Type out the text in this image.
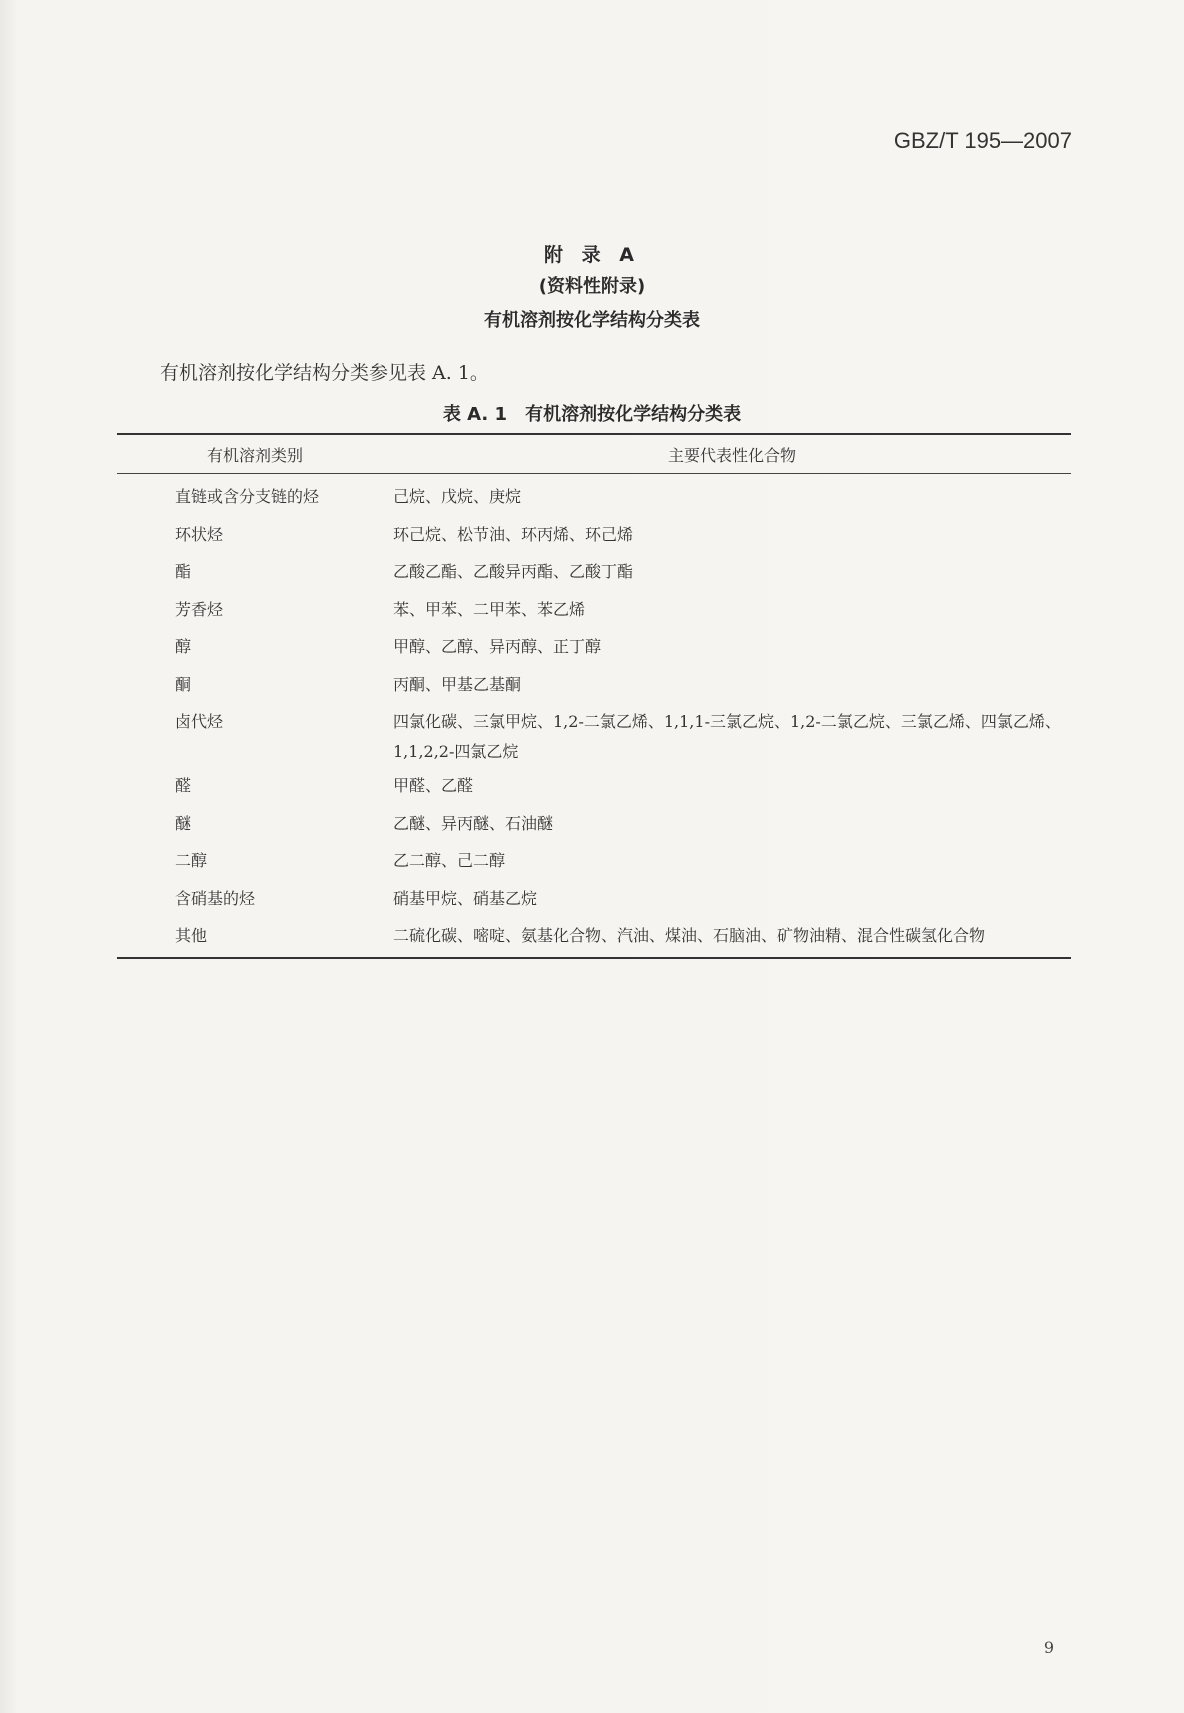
GBZ/T 195—2007
附 录 A
(资料性附录)
有机溶剂按化学结构分类表
有机溶剂按化学结构分类参见表 A. 1。
表 A. 1　有机溶剂按化学结构分类表
有机溶剂类别	主要代表性化合物
直链或含分支链的烃	己烷、戊烷、庚烷
环状烃	环己烷、松节油、环丙烯、环己烯
酯	乙酸乙酯、乙酸异丙酯、乙酸丁酯
芳香烃	苯、甲苯、二甲苯、苯乙烯
醇	甲醇、乙醇、异丙醇、正丁醇
酮	丙酮、甲基乙基酮
卤代烃	四氯化碳、三氯甲烷、1,2-二氯乙烯、1,1,1-三氯乙烷、1,2-二氯乙烷、三氯乙烯、四氯乙烯、1,1,2,2-四氯乙烷
醛	甲醛、乙醛
醚	乙醚、异丙醚、石油醚
二醇	乙二醇、己二醇
含硝基的烃	硝基甲烷、硝基乙烷
其他	二硫化碳、嘧啶、氨基化合物、汽油、煤油、石脑油、矿物油精、混合性碳氢化合物
9
